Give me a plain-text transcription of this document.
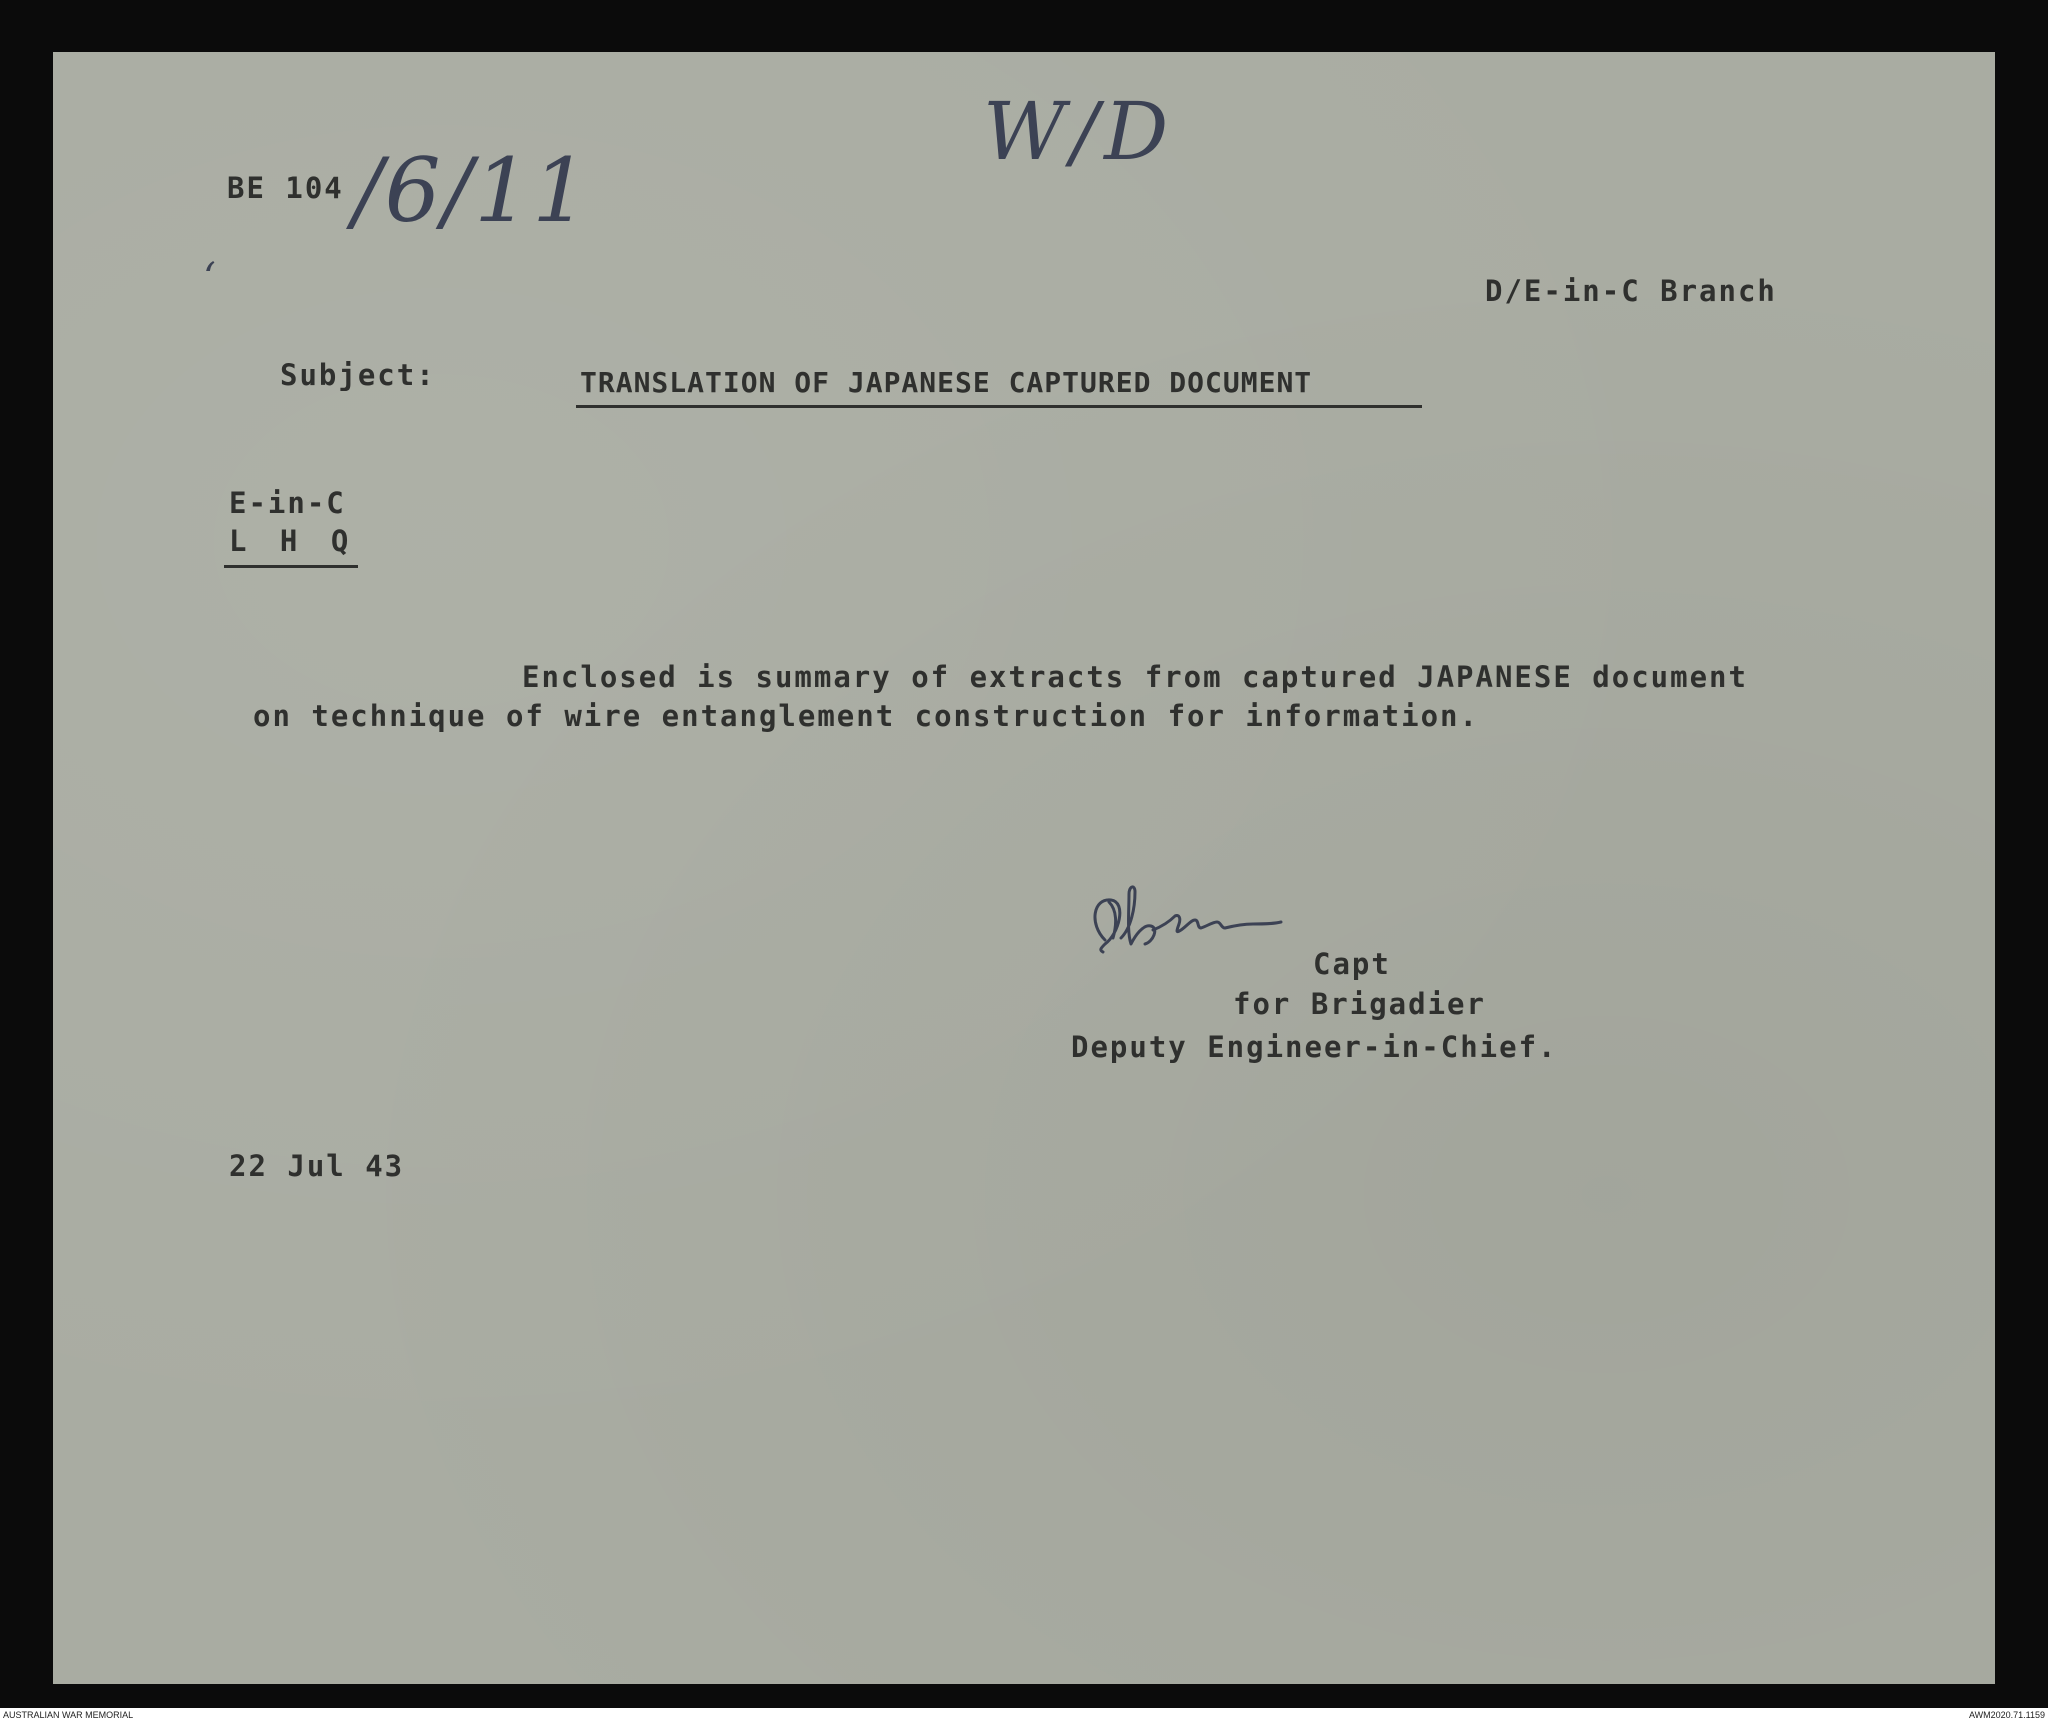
W/D
BE 104 /6/11
‘	D/E-in-C Branch
Subject:	TRANSLATION OF JAPANESE CAPTURED DOCUMENT
E-in-C
L H Q
Enclosed is summary of extracts from captured JAPANESE document
on technique of wire entanglement construction for information.
Capt
for Brigadier
Deputy Engineer-in-Chief.
22 Jul 43
AUSTRALIAN WAR MEMORIAL	AWM2020.71.1159
